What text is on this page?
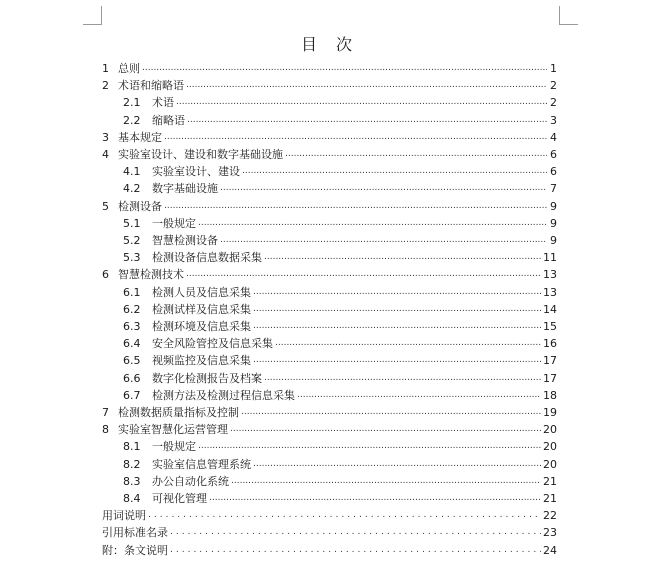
目 次
1 总则 .....	1
2 术语和缩略语 .....	2
2.1	术语 .....	2
2.2	缩略语 .....	3
3 基本规定 .....	4
4 实验室设计、建设和数字基础设施 .....	6
4.1	实验室设计、建设 .....	6
4.2	数字基础设施 .....	7
5 检测设备 .....	9
5.1	一般规定 .....	9
5.2	智慧检测设备 .....	9
5.3	检测设备信息数据采集 .....	11
6 智慧检测技术 .....	13
6.1	检测人员及信息采集 .....	13
6.2	检测试样及信息采集 .....	14
6.3	检测环境及信息采集 .....	15
6.4	安全风险管控及信息采集 .....	16
6.5	视频监控及信息采集 .....	17
6.6	数字化检测报告及档案 .....	17
6.7	检测方法及检测过程信息采集 .....	18
7 检测数据质量指标及控制 .....	19
8 实验室智慧化运营管理 .....	20
8.1	一般规定 .....	20
8.2	实验室信息管理系统 .....	20
8.3	办公自动化系统 .....	21
8.4	可视化管理 .....	21
用词说明 .....	22
引用标准名录 .....	23
附：条文说明 .....	24
